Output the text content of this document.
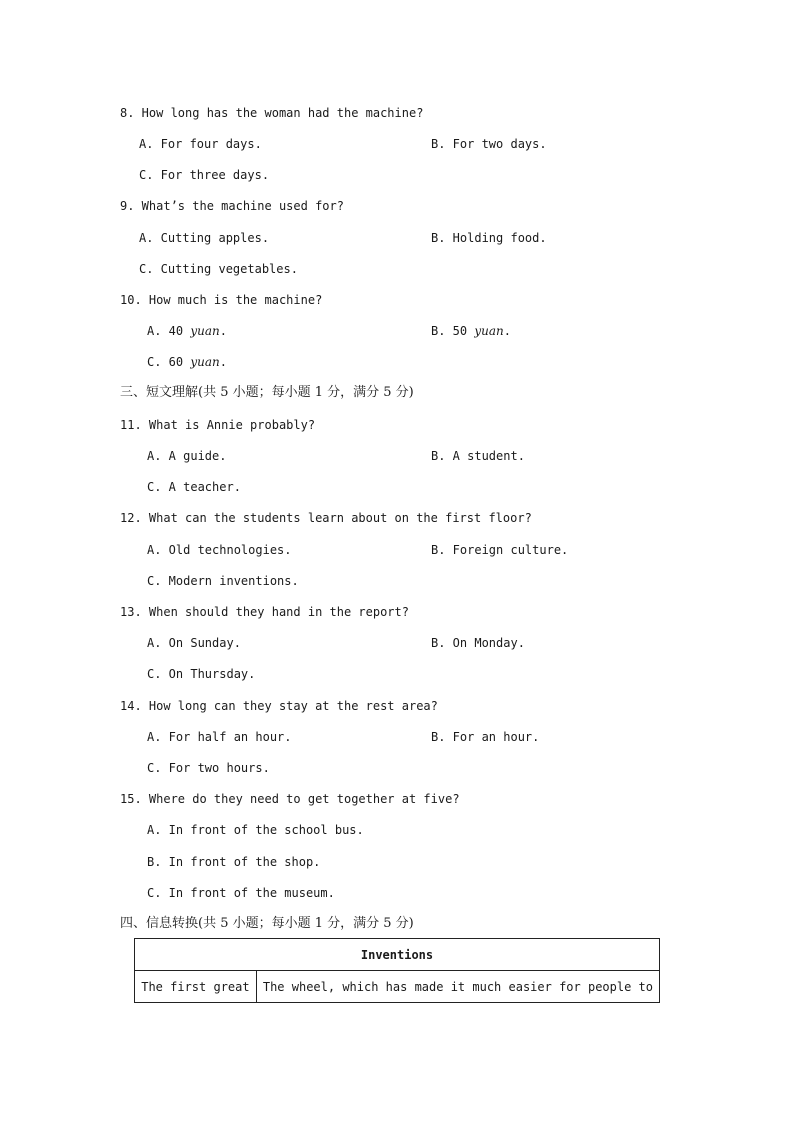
8. How long has the woman had the machine?
A. For four days.	B. For two days.
C. For three days.
9. What’s the machine used for?
A. Cutting apples.	B. Holding food.
C. Cutting vegetables.
10. How much is the machine?
A. 40 yuan.	B. 50 yuan.
C. 60 yuan.
三、短文理解(共 5 小题；每小题 1 分，满分 5 分)
11. What is Annie probably?
A. A guide.	B. A student.
C. A teacher.
12. What can the students learn about on the first floor?
A. Old technologies.	B. Foreign culture.
C. Modern inventions.
13. When should they hand in the report?
A. On Sunday.	B. On Monday.
C. On Thursday.
14. How long can they stay at the rest area?
A. For half an hour.	B. For an hour.
C. For two hours.
15. Where do they need to get together at five?
A. In front of the school bus.
B. In front of the shop.
C. In front of the museum.
四、信息转换(共 5 小题；每小题 1 分，满分 5 分)
Inventions
The first great	The wheel, which has made it much easier for people to
